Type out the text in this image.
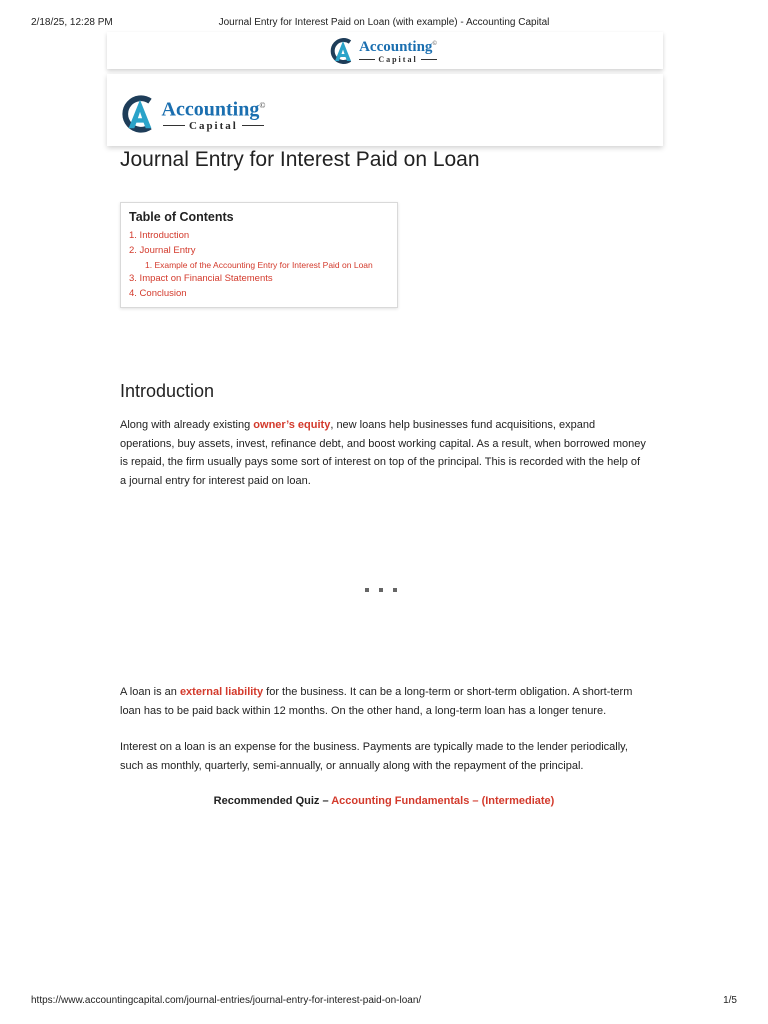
2/18/25, 12:28 PM	Journal Entry for Interest Paid on Loan (with example) - Accounting Capital
Accounting©
Capital
Accounting©
Capital
Journal Entry for Interest Paid on Loan
Table of Contents
1. Introduction
2. Journal Entry
1. Example of the Accounting Entry for Interest Paid on Loan
3. Impact on Financial Statements
4. Conclusion
Introduction

Along with already existing owner’s equity, new loans help businesses fund acquisitions, expand operations, buy assets, invest, refinance debt, and boost working capital. As a result, when borrowed money is repaid, the firm usually pays some sort of interest on top of the principal. This is recorded with the help of a journal entry for interest paid on loan.

A loan is an external liability for the business. It can be a long-term or short-term obligation. A short-term loan has to be paid back within 12 months. On the other hand, a long-term loan has a longer tenure.

Interest on a loan is an expense for the business. Payments are typically made to the lender periodically, such as monthly, quarterly, semi-annually, or annually along with the repayment of the principal.

Recommended Quiz – Accounting Fundamentals – (Intermediate)
https://www.accountingcapital.com/journal-entries/journal-entry-for-interest-paid-on-loan/	1/5
